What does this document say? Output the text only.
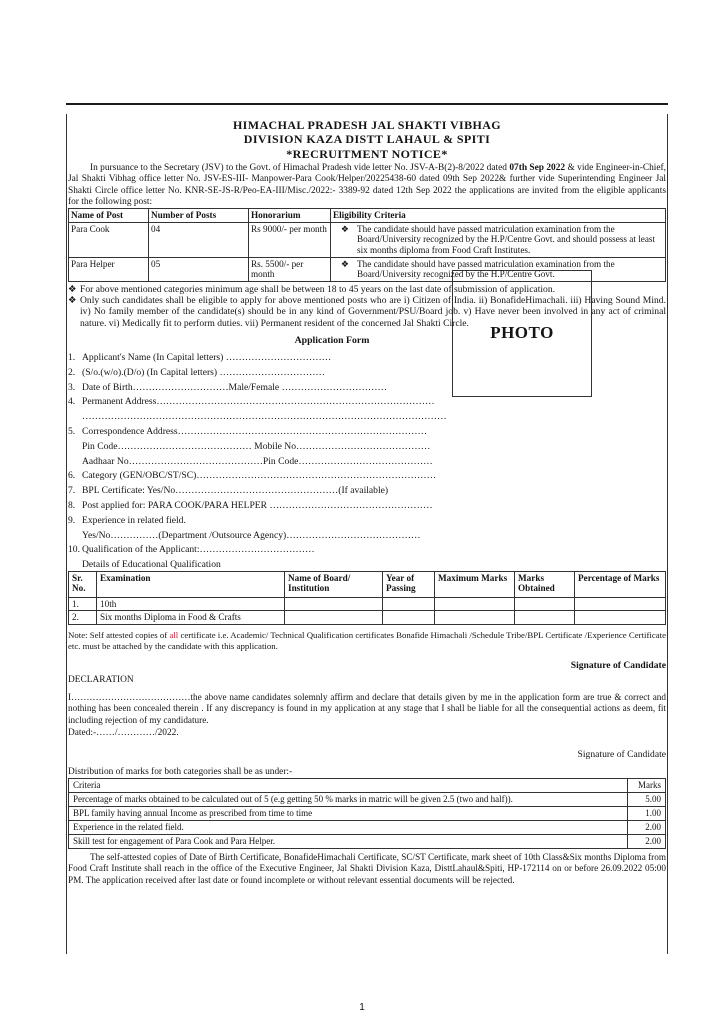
PHOTO
HIMACHAL PRADESH JAL SHAKTI VIBHAG
DIVISION KAZA DISTT LAHAUL & SPITI
*RECRUITMENT NOTICE*
In pursuance to the Secretary (JSV) to the Govt. of Himachal Pradesh vide letter No. JSV-A-B(2)-8/2022 dated 07th Sep 2022 & vide Engineer-in-Chief, Jal Shakti Vibhag office letter No. JSV-ES-III- Manpower-Para Cook/Helper/20225438-60 dated 09th Sep 2022& further vide Superintending Engineer Jal Shakti Circle office letter No. KNR-SE-JS-R/Peo-EA-III/Misc./2022:- 3389-92 dated 12th Sep 2022 the applications are invited from the eligible applicants for the following post:
Name of Post	Number of Posts	Honorarium	Eligibility Criteria
Para Cook	04	Rs 9000/- per month	❖ The candidate should have passed matriculation examination from the Board/University recognized by the H.P/Centre Govt. and should possess at least six months diploma from Food Craft Institutes.

Para Helper	05	Rs. 5500/- per month	❖ The candidate should have passed matriculation examination from the Board/University recognized by the H.P/Centre Govt.
❖ For above mentioned categories minimum age shall be between 18 to 45 years on the last date of submission of application.
❖ Only such candidates shall be eligible to apply for above mentioned posts who are i) Citizen of India. ii) BonafideHimachali. iii) Having Sound Mind. iv) No family member of the candidate(s) should be in any kind of Government/PSU/Board job. v) Have never been involved in any act of criminal nature. vi) Medically fit to perform duties. vii) Permanent resident of the concerned Jal Shakti Circle.
Application Form
1. Applicant's Name (In Capital letters) ……………………………
2. (S/o.(w/o).(D/o) (In Capital letters) ……………………………
3. Date of Birth…………………………Male/Female ……………………………
4. Permanent Address……………………………………………………………………………
……………………………………………………………………………………………………
5. Correspondence Address……………………………………………………………………
Pin Code…………………………………… Mobile No……………………………………
Aadhaar No……………………………………Pin Code……………………………………
6. Category (GEN/OBC/ST/SC)…………………………………………………………………
7. BPL Certificate: Yes/No……………………………………………(If available)
8. Post applied for: PARA COOK/PARA HELPER ……………………………………………
9. Experience in related field.
Yes/No……………(Department /Outsource Agency)……………………………………
10. Qualification of the Applicant:………………………………
Details of Educational Qualification
Sr. No.	Examination	Name of Board/ Institution	Year of Passing	Maximum Marks	Marks Obtained	Percentage of Marks
1.	10th					
2.	Six months Diploma in Food & Crafts					
Note: Self attested copies of all certificate i.e. Academic/ Technical Qualification certificates Bonafide Himachali /Schedule Tribe/BPL Certificate /Experience Certificate etc. must be attached by the candidate with this application.
Signature of Candidate
DECLARATION
I…………………………………the above name candidates solemnly affirm and declare that details given by me in the application form are true & correct and nothing has been concealed therein . If any discrepancy is found in my application at any stage that I shall be liable for all the consequential actions as deem, fit including rejection of my candidature.
Dated:-……/…………/2022.
Signature of Candidate
Distribution of marks for both categories shall be as under:-
Criteria	Marks
Percentage of marks obtained to be calculated out of 5 (e.g getting 50 % marks in matric will be given 2.5 (two and half)).	5.00
BPL family having annual Income as prescribed from time to time	1.00
Experience in the related field.	2.00
Skill test for engagement of Para Cook and Para Helper.	2.00
The self-attested copies of Date of Birth Certificate, BonafideHimachali Certificate, SC/ST Certificate, mark sheet of 10th Class&Six months Diploma from Food Craft Institute shall reach in the office of the Executive Engineer, Jal Shakti Division Kaza, DisttLahaul&Spiti, HP-172114 on or before 26.09.2022 05:00 PM. The application received after last date or found incomplete or without relevant essential documents will be rejected.
1
